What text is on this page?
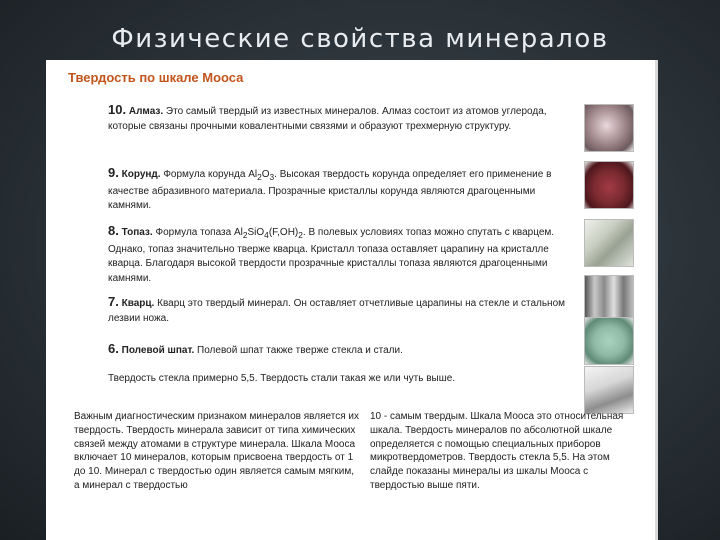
Физические свойства минералов
Твердость по шкале Мооса
10. Алмаз. Это самый твердый из известных минералов. Алмаз состоит из атомов углерода, которые связаны прочными ковалентными связями и образуют трехмерную структуру.
9. Корунд. Формула корунда $Al_2O_3$. Высокая твердость корунда определяет его применение в качестве абразивного материала. Прозрачные кристаллы корунда являются драгоценными камнями.
8. Топаз. Формула топаза $Al_2SiO_4(F,OH)_2$. В полевых условиях топаз можно спутать с кварцем. Однако, топаз значительно тверже кварца. Кристалл топаза оставляет царапину на кристалле кварца. Благодаря высокой твердости прозрачные кристаллы топаза являются драгоценными камнями.
7. Кварц. Кварц это твердый минерал. Он оставляет отчетливые царапины на стекле и стальном лезвии ножа.
6. Полевой шпат. Полевой шпат также тверже стекла и стали.
Твердость стекла примерно 5,5. Твердость стали такая же или чуть выше.
Важным диагностическим признаком минералов является их твердость. Твердость минерала зависит от типа химических связей между атомами в структуре минерала. Шкала Мооса включает 10 минералов, которым присвоена твердость от 1 до 10. Минерал с твердостью один является самым мягким, а минерал с твердостью
10 - самым твердым. Шкала Мооса это относительная шкала. Твердость минералов по абсолютной шкале определяется с помощью специальных приборов микротвердометров. Твердость стекла 5,5. На этом слайде показаны минералы из шкалы Мооса с твердостью выше пяти.
